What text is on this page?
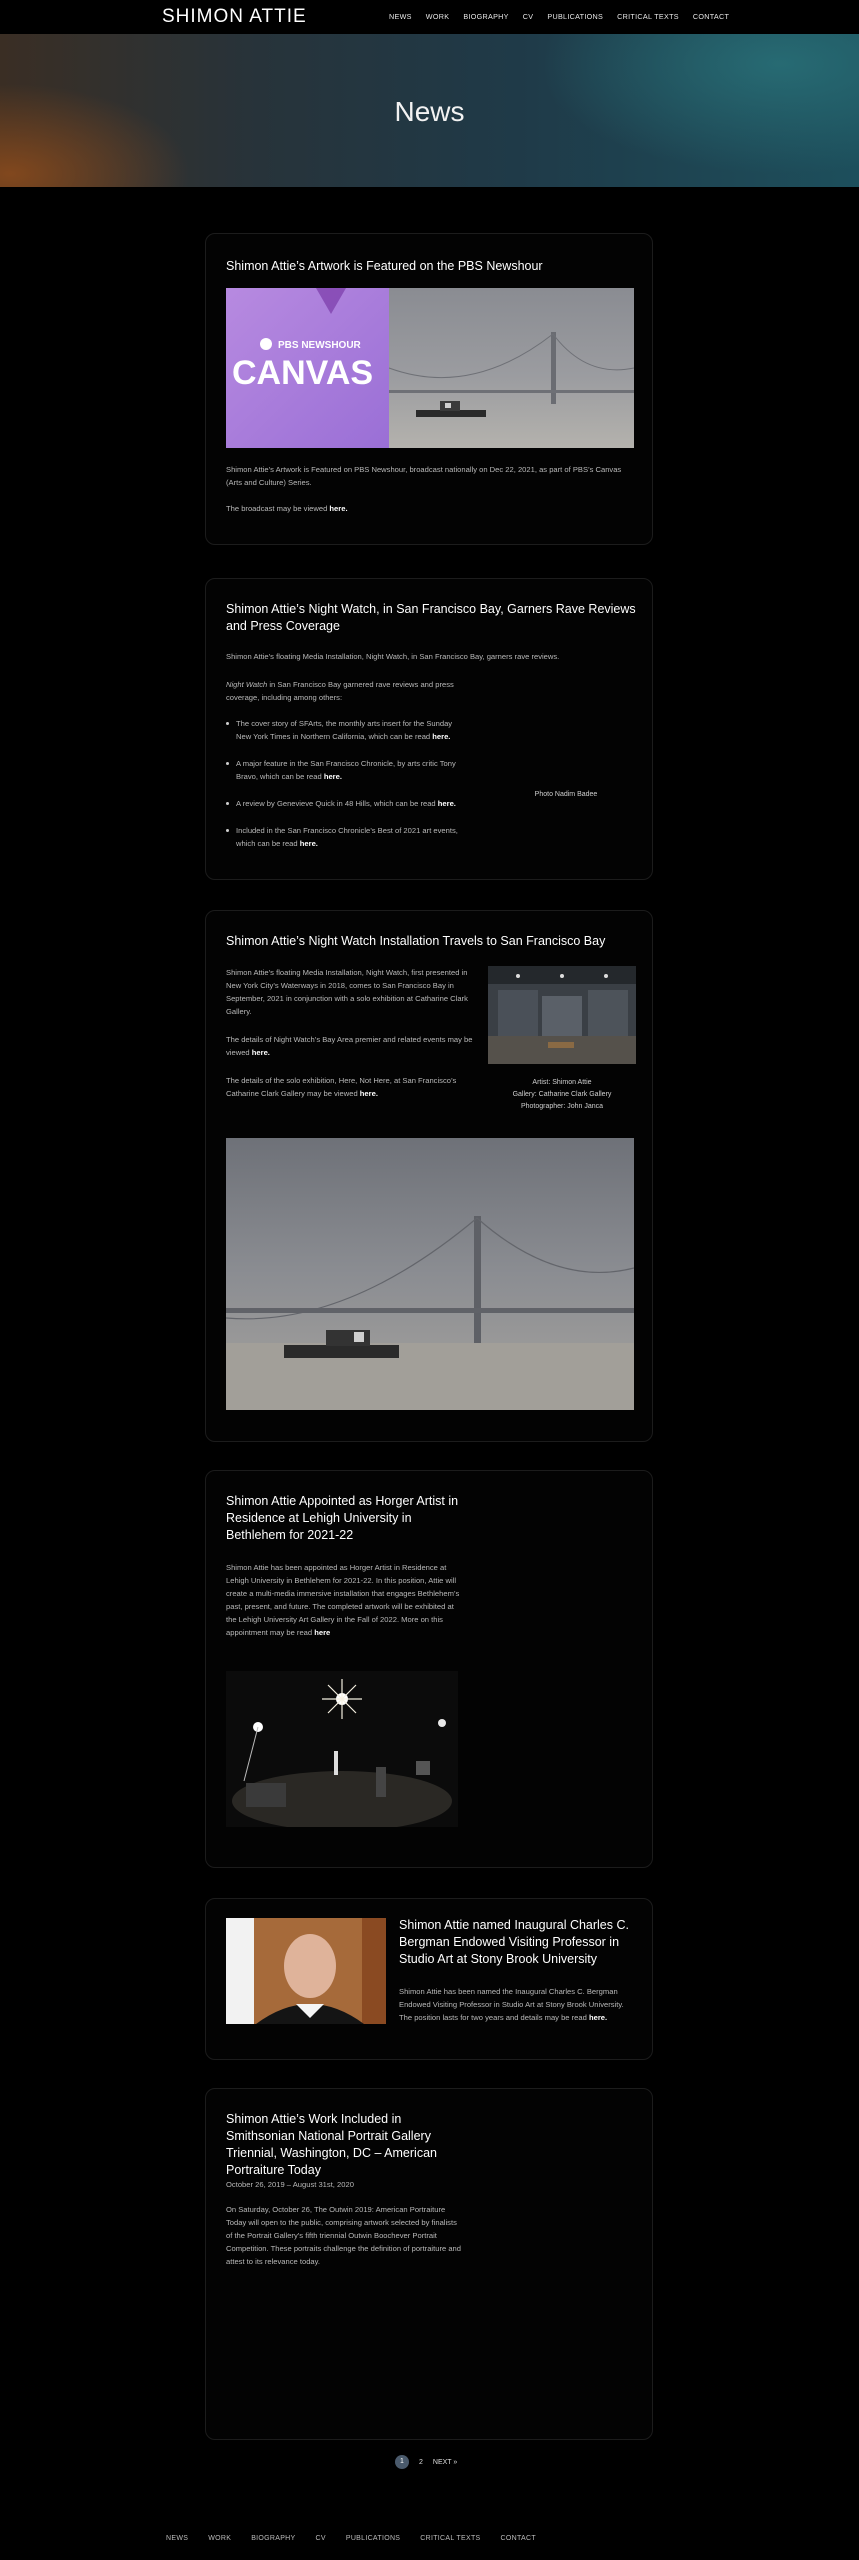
SHIMON ATTIE	NEWS WORK BIOGRAPHY CV PUBLICATIONS CRITICAL TEXTS CONTACT
News
Shimon Attie’s Artwork is Featured on the PBS Newshour
PBS NEWSHOUR
CANVAS

Shimon Attie’s Artwork is Featured on PBS Newshour, broadcast nationally on Dec 22, 2021, as part of PBS’s Canvas (Arts and Culture) Series.

The broadcast may be viewed here.

Shimon Attie’s Night Watch, in San Francisco Bay, Garners Rave Reviews and Press Coverage

Shimon Attie’s floating Media Installation, Night Watch, in San Francisco Bay, garners rave reviews.

Night Watch in San Francisco Bay garnered rave reviews and press coverage, including among others:

The cover story of SFArts, the monthly arts insert for the Sunday New York Times in Northern California, which can be read here.
A major feature in the San Francisco Chronicle, by arts critic Tony Bravo, which can be read here.
A review by Genevieve Quick in 48 Hills, which can be read here.
Included in the San Francisco Chronicle’s Best of 2021 art events, which can be read here.
Photo Nadim Badee
Shimon Attie’s Night Watch Installation Travels to San Francisco Bay

Shimon Attie’s floating Media Installation, Night Watch, first presented in New York City’s Waterways in 2018, comes to San Francisco Bay in September, 2021 in conjunction with a solo exhibition at Catharine Clark Gallery.

The details of Night Watch’s Bay Area premier and related events may be viewed here.

The details of the solo exhibition, Here, Not Here, at San Francisco’s Catharine Clark Gallery may be viewed here.

Artist: Shimon Attie
Gallery: Catharine Clark Gallery
Photographer: John Janca
Shimon Attie Appointed as Horger Artist in Residence at Lehigh University in Bethlehem for 2021-22

Shimon Attie has been appointed as Horger Artist in Residence at Lehigh University in Bethlehem for 2021-22. In this position, Attie will create a multi-media immersive installation that engages Bethlehem’s past, present, and future. The completed artwork will be exhibited at the Lehigh University Art Gallery in the Fall of 2022. More on this appointment may be read here

Shimon Attie named Inaugural Charles C. Bergman Endowed Visiting Professor in Studio Art at Stony Brook University

Shimon Attie has been named the Inaugural Charles C. Bergman Endowed Visiting Professor in Studio Art at Stony Brook University. The position lasts for two years and details may be read here.

Shimon Attie’s Work Included in Smithsonian National Portrait Gallery Triennial, Washington, DC – American Portraiture Today

October 26, 2019 – August 31st, 2020

On Saturday, October 26, The Outwin 2019: American Portraiture Today will open to the public, comprising artwork selected by finalists of the Portrait Gallery’s fifth triennial Outwin Boochever Portrait Competition. These portraits challenge the definition of portraiture and attest to its relevance today.

1	2 NEXT »
NEWS	WORK	BIOGRAPHY	CV	PUBLICATIONS	CRITICAL TEXTS	CONTACT
